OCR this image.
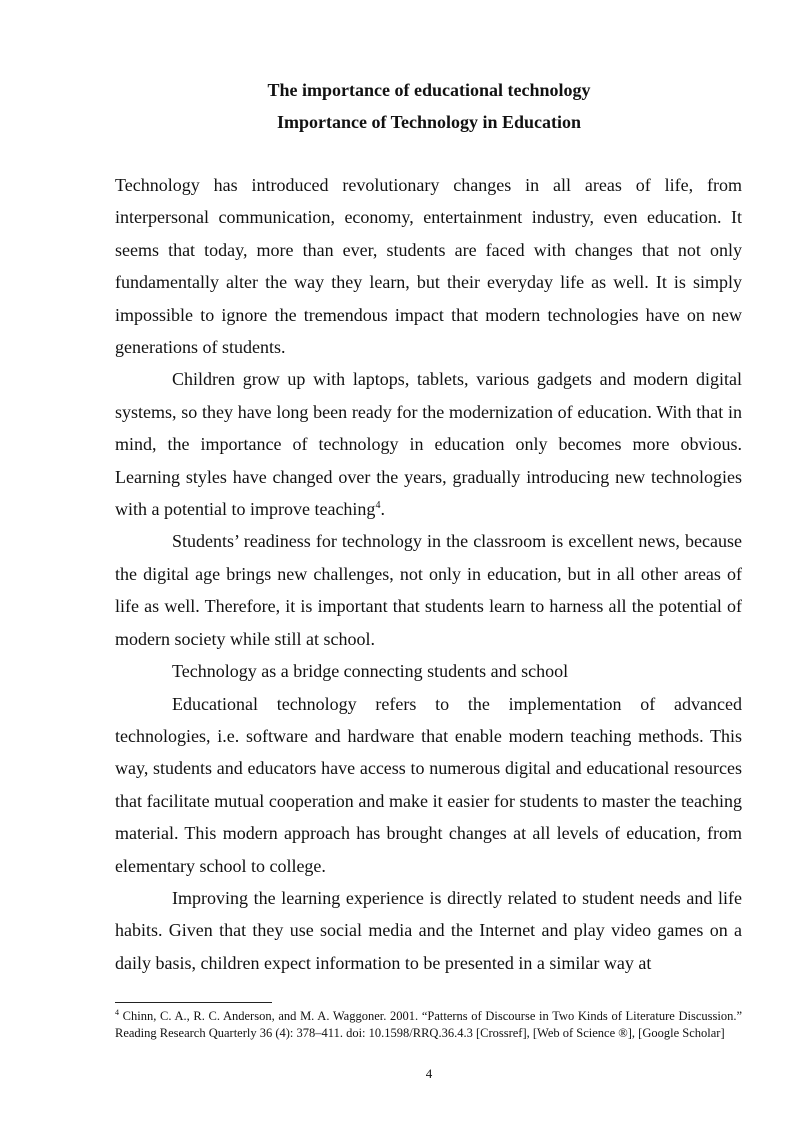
The importance of educational technology

Importance of Technology in Education

Technology has introduced revolutionary changes in all areas of life, from interpersonal communication, economy, entertainment industry, even education. It seems that today, more than ever, students are faced with changes that not only fundamentally alter the way they learn, but their everyday life as well. It is simply impossible to ignore the tremendous impact that modern technologies have on new generations of students.

Children grow up with laptops, tablets, various gadgets and modern digital systems, so they have long been ready for the modernization of education. With that in mind, the importance of technology in education only becomes more obvious. Learning styles have changed over the years, gradually introducing new technologies with a potential to improve teaching$^4$.

Students’ readiness for technology in the classroom is excellent news, because the digital age brings new challenges, not only in education, but in all other areas of life as well. Therefore, it is important that students learn to harness all the potential of modern society while still at school.

Technology as a bridge connecting students and school

Educational technology refers to the implementation of advanced technologies, i.e. software and hardware that enable modern teaching methods. This way, students and educators have access to numerous digital and educational resources that facilitate mutual cooperation and make it easier for students to master the teaching material. This modern approach has brought changes at all levels of education, from elementary school to college.

Improving the learning experience is directly related to student needs and life habits. Given that they use social media and the Internet and play video games on a daily basis, children expect information to be presented in a similar way at

$^4$ Chinn, C. A., R. C. Anderson, and M. A. Waggoner. 2001. “Patterns of Discourse in Two Kinds of Literature Discussion.” Reading Research Quarterly 36 (4): 378–411. doi: 10.1598/RRQ.36.4.3 [Crossref], [Web of Science ®], [Google Scholar]

4
